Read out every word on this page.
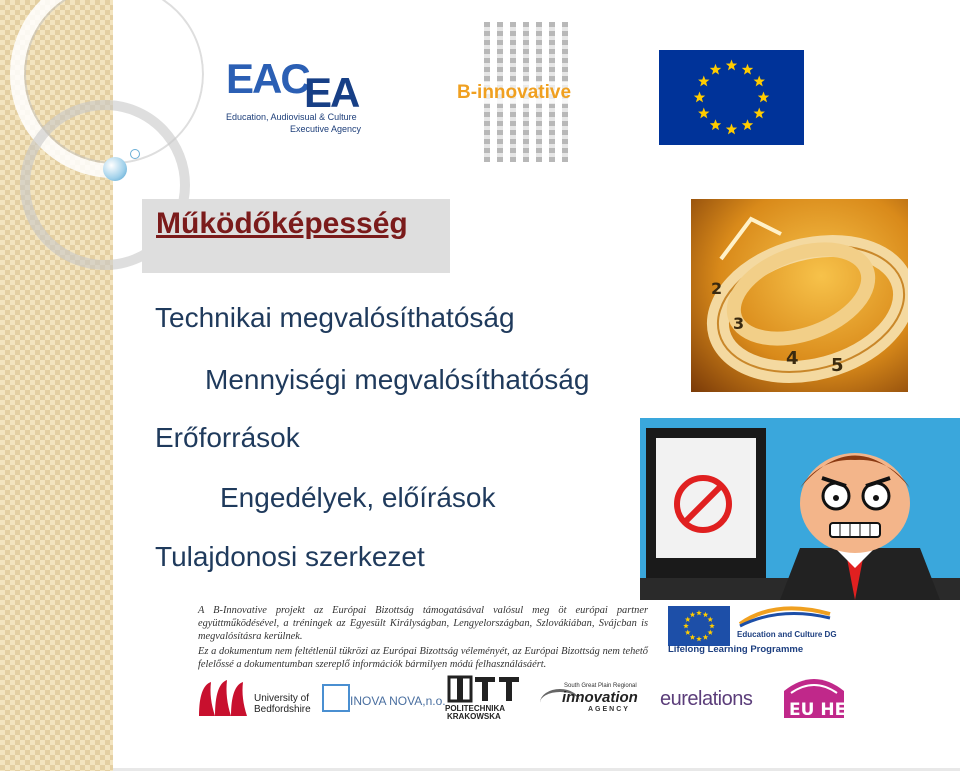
EAC
EA
Education, Audiovisual & Culture
Executive Agency
B-innovative
Működőképesség
Technikai megvalósíthatóság
Mennyiségi megvalósíthatóság
Erőforrások
Engedélyek, előírások
Tulajdonosi szerkezet
2
3
4 5
A B-Innovative projekt az Európai Bizottság támogatásával valósul meg öt európai partner együttműködésével, a tréningek az Egyesült Királyságban, Lengyelországban, Szlovákiában, Svájcban is megvalósításra kerülnek.
Ez a dokumentum nem feltétlenül tükrözi az Európai Bizottság véleményét, az Európai Bizottság nem tehető felelőssé a dokumentumban szereplő információk bármilyen módú felhasználásáért.
Education and Culture DG
Lifelong Learning Programme
University of
Bedfordshire
INOVA NOVA,n.o.
POLITECHNIKA
KRAKOWSKA
South Great Plain Regional
innovation
AGENCY eurelations EU HE
